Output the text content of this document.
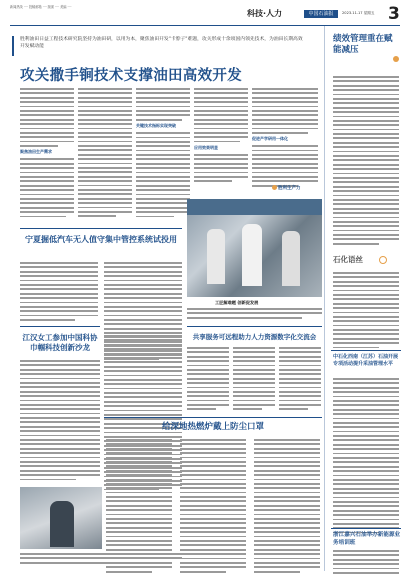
新闻热线 ···· 投稿邮箱 ···· 版面 ···· 美编 ····
科技·人力	中国石油报	2023.11.17 星期五 3
胜利油田日益工程技术研究院坚持为油田研，以用为本，聚焦油田开发"卡脖子"难题，攻关形成十余项国内领先技术，为油田长期高效开发赋动能
攻关撒手锏技术支撑油田高效开发
聚焦油田生产需求
关键技术指标实现突破
应用效果明显
促进产学研用一体化
胜利生产力
宁夏掘低汽车无人值守集中管控系统试投用
江汉女工参加中国科协巾帼科技创新沙龙
工匠解难题 创新促发展
共享服务可远程助力人力资源数字化交流会
给深地热燃炉戴上防尘口罩
绩效管理重在赋能减压
石化语丝
中石化西南（江苏）石油开展专项活动提升采油管理水平
浙江嘉兴石油举办新能源业务培训班
